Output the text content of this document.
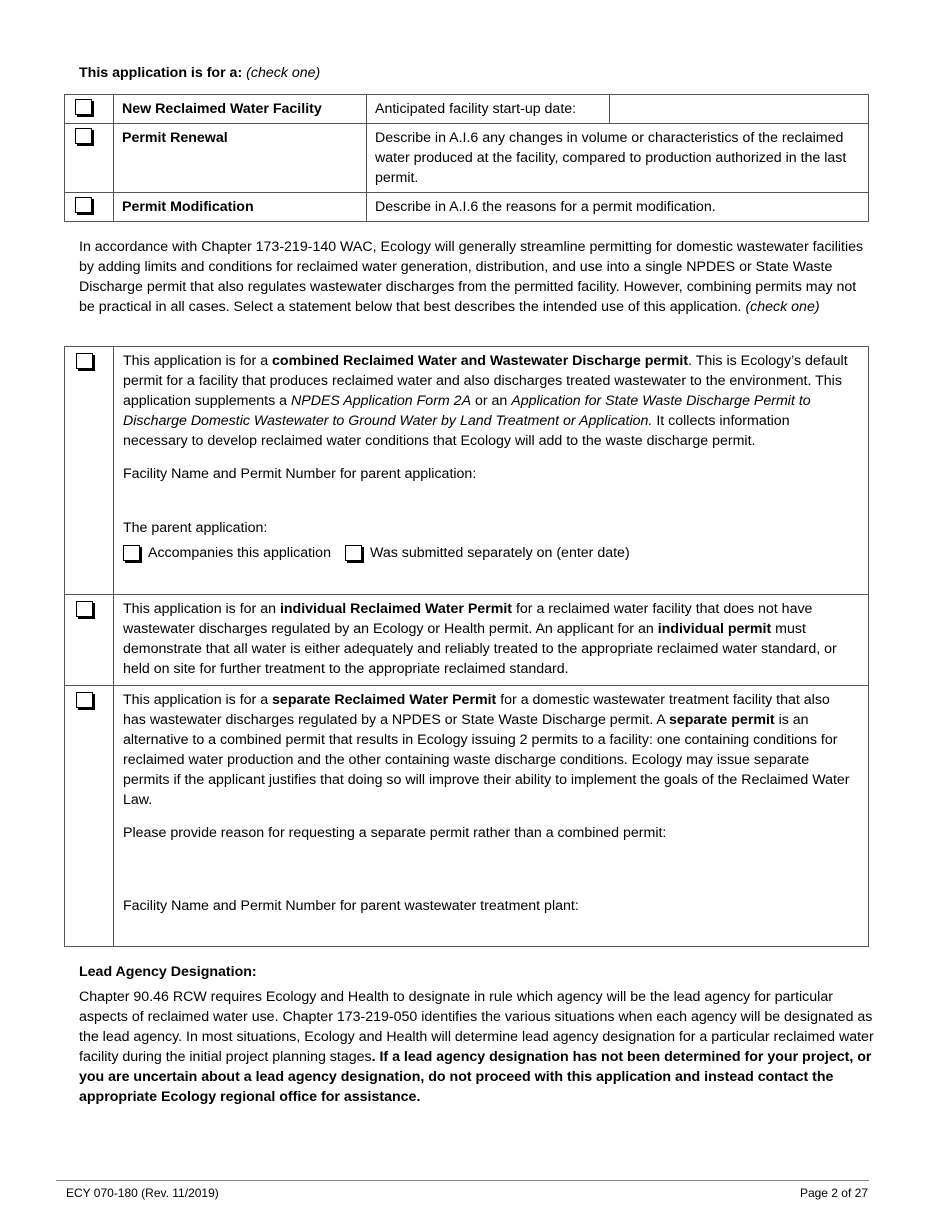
This application is for a: (check one)
	New Reclaimed Water Facility	Anticipated facility start-up date:	
	Permit Renewal	Describe in A.I.6 any changes in volume or characteristics of the reclaimed water produced at the facility, compared to production authorized in the last permit.	
	Permit Modification	Describe in A.I.6 the reasons for a permit modification.	
In accordance with Chapter 173-219-140 WAC, Ecology will generally streamline permitting for domestic wastewater facilities by adding limits and conditions for reclaimed water generation, distribution, and use into a single NPDES or State Waste Discharge permit that also regulates wastewater discharges from the permitted facility. However, combining permits may not be practical in all cases. Select a statement below that best describes the intended use of this application. (check one)

	This application is for a combined Reclaimed Water and Wastewater Discharge permit. This is Ecology’s default permit for a facility that produces reclaimed water and also discharges treated wastewater to the environment. This application supplements a NPDES Application Form 2A or an Application for State Waste Discharge Permit to Discharge Domestic Wastewater to Ground Water by Land Treatment or Application. It collects information necessary to develop reclaimed water conditions that Ecology will add to the waste discharge permit.
Facility Name and Permit Number for parent application:
The parent application:
Accompanies this application Was submitted separately on (enter date)

	This application is for an individual Reclaimed Water Permit for a reclaimed water facility that does not have wastewater discharges regulated by an Ecology or Health permit. An applicant for an individual permit must demonstrate that all water is either adequately and reliably treated to the appropriate reclaimed water standard, or held on site for further treatment to the appropriate reclaimed standard.

	This application is for a separate Reclaimed Water Permit for a domestic wastewater treatment facility that also has wastewater discharges regulated by a NPDES or State Waste Discharge permit. A separate permit is an alternative to a combined permit that results in Ecology issuing 2 permits to a facility: one containing conditions for reclaimed water production and the other containing waste discharge conditions. Ecology may issue separate permits if the applicant justifies that doing so will improve their ability to implement the goals of the Reclaimed Water Law.
Please provide reason for requesting a separate permit rather than a combined permit:
Facility Name and Permit Number for parent wastewater treatment plant:
Lead Agency Designation:
Chapter 90.46 RCW requires Ecology and Health to designate in rule which agency will be the lead agency for particular aspects of reclaimed water use. Chapter 173-219-050 identifies the various situations when each agency will be designated as the lead agency. In most situations, Ecology and Health will determine lead agency designation for a particular reclaimed water facility during the initial project planning stages. If a lead agency designation has not been determined for your project, or you are uncertain about a lead agency designation, do not proceed with this application and instead contact the appropriate Ecology regional office for assistance.
ECY 070-180 (Rev. 11/2019)	Page 2 of 27
